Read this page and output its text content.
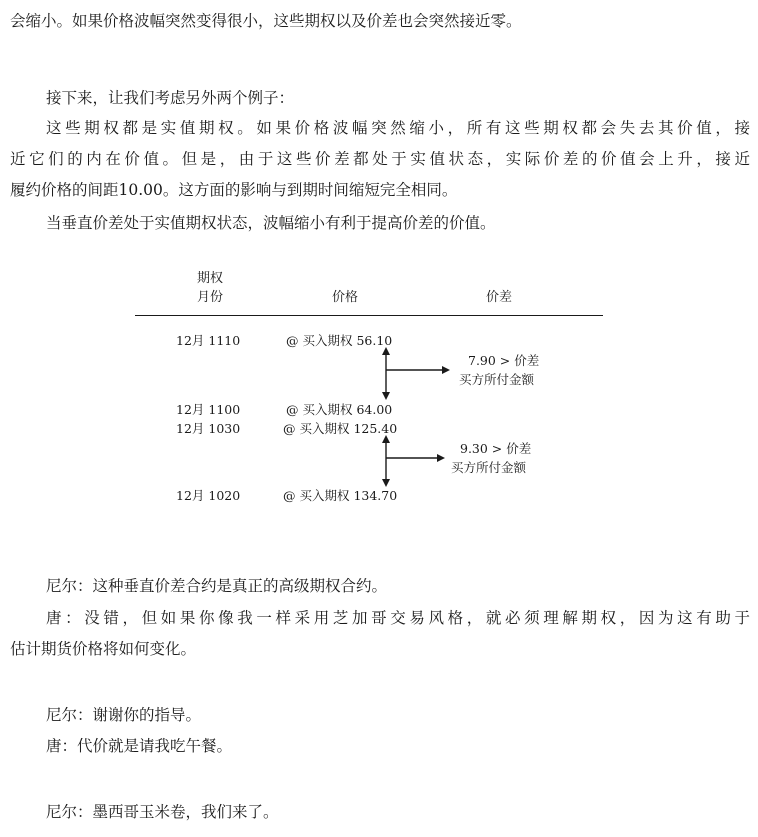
会缩小。如果价格波幅突然变得很小，这些期权以及价差也会突然接近零。
接下来，让我们考虑另外两个例子：
这些期权都是实值期权。如果价格波幅突然缩小，所有这些期权都会失去其价值，接
近它们的内在价值。但是，由于这些价差都处于实值状态，实际价差的价值会上升，接近
履约价格的间距10.00。这方面的影响与到期时间缩短完全相同。
当垂直价差处于实值期权状态，波幅缩小有利于提高价差的价值。
期权
月份	价格	价差
12月 1110	@ 买入期权 56.10
12月 1100	@ 买入期权 64.00
12月 1030	@ 买入期权 125.40
12月 1020	@ 买入期权 134.70
7.90 > 价差
买方所付金额
9.30 > 价差
买方所付金额
尼尔：这种垂直价差合约是真正的高级期权合约。
唐：没错，但如果你像我一样采用芝加哥交易风格，就必须理解期权，因为这有助于
估计期货价格将如何变化。
尼尔：谢谢你的指导。
唐：代价就是请我吃午餐。
尼尔：墨西哥玉米卷，我们来了。
